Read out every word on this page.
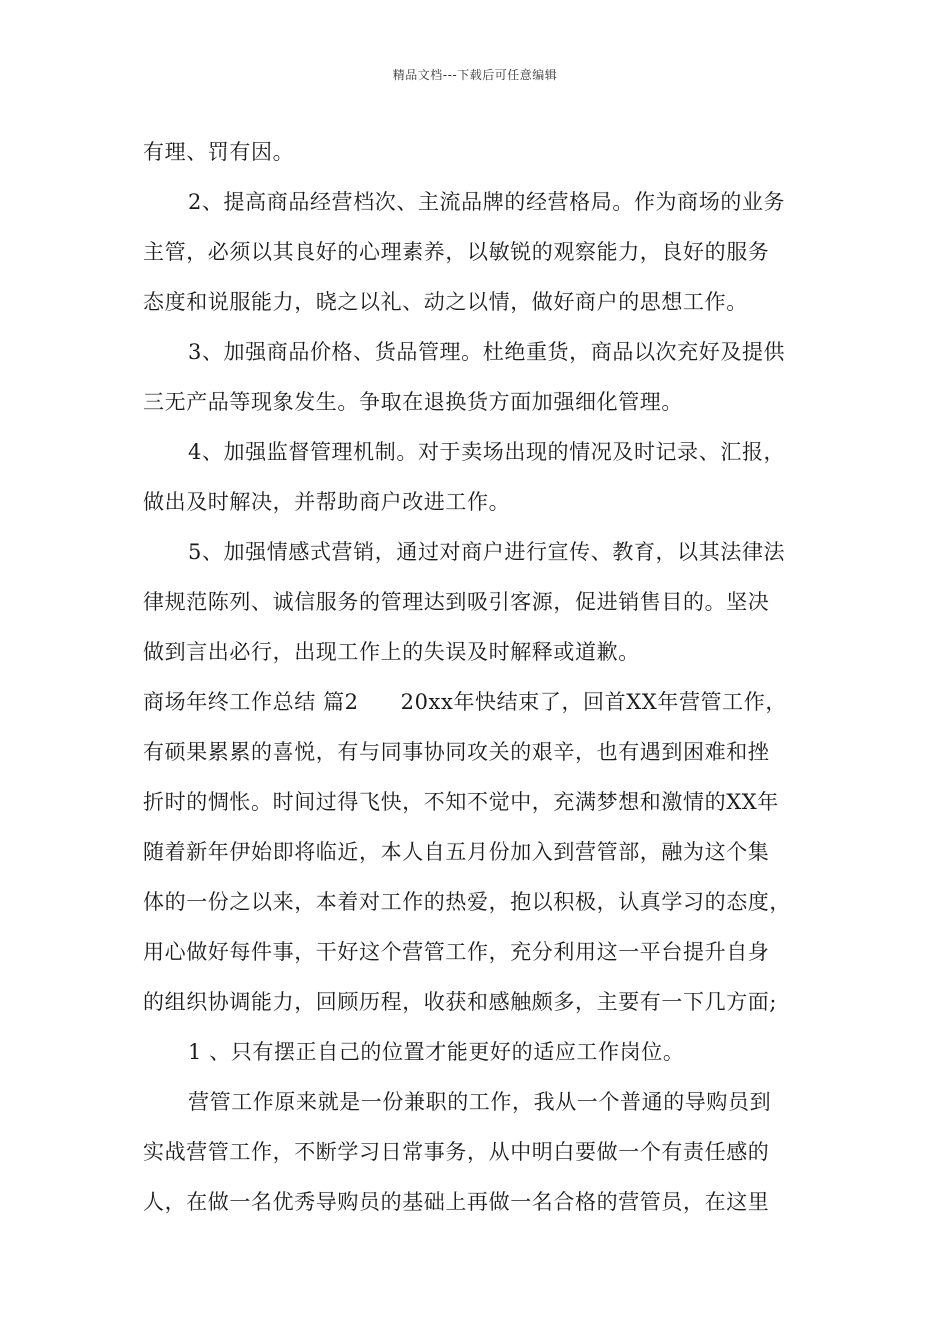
精品文档---下载后可任意编辑
有理、罚有因。
2、提高商品经营档次、主流品牌的经营格局。作为商场的业务
主管，必须以其良好的心理素养，以敏锐的观察能力，良好的服务
态度和说服能力，晓之以礼、动之以情，做好商户的思想工作。
3、加强商品价格、货品管理。杜绝重货，商品以次充好及提供
三无产品等现象发生。争取在退换货方面加强细化管理。
4、加强监督管理机制。对于卖场出现的情况及时记录、汇报，
做出及时解决，并帮助商户改进工作。
5、加强情感式营销，通过对商户进行宣传、教育，以其法律法
律规范陈列、诚信服务的管理达到吸引客源，促进销售目的。坚决
做到言出必行，出现工作上的失误及时解释或道歉。
商场年终工作总结 篇2 20xx年快结束了，回首XX年营管工作，
有硕果累累的喜悦，有与同事协同攻关的艰辛，也有遇到困难和挫
折时的惆怅。时间过得飞快，不知不觉中，充满梦想和激情的XX年
随着新年伊始即将临近，本人自五月份加入到营管部，融为这个集
体的一份之以来，本着对工作的热爱，抱以积极，认真学习的态度，
用心做好每件事，干好这个营管工作，充分利用这一平台提升自身
的组织协调能力，回顾历程，收获和感触颇多，主要有一下几方面;
1 、只有摆正自己的位置才能更好的适应工作岗位。
营管工作原来就是一份兼职的工作，我从一个普通的导购员到
实战营管工作，不断学习日常事务，从中明白要做一个有责任感的
人，在做一名优秀导购员的基础上再做一名合格的营管员，在这里
